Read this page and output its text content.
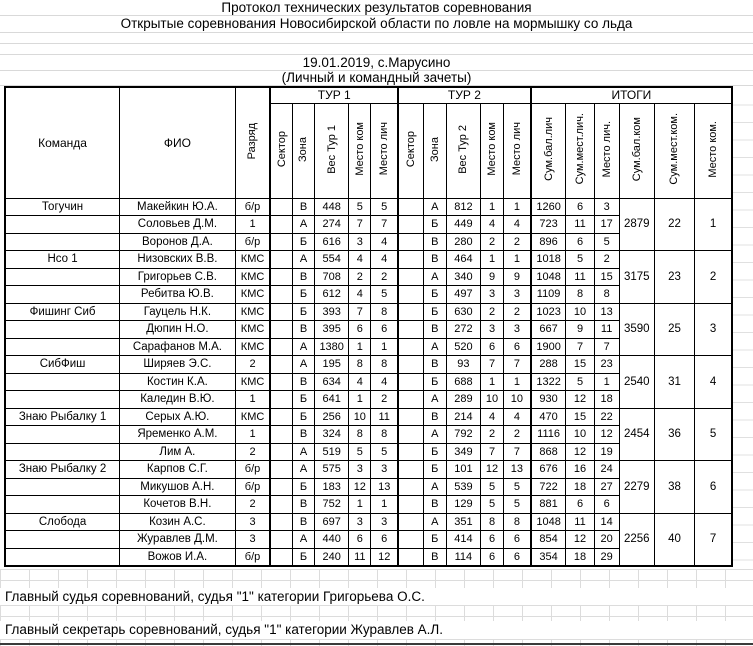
Протокол технических результатов соревнования
Открытые соревнования Новосибирской области по ловле на мормышку со льда
19.01.2019, с.Марусино
(Личный и командный зачеты)
Команда	ФИО	Разряд	ТУР 1					ТУР 2					ИТОГИ					
			Сектор	Зона	Вес Тур 1	Место ком	Место лич	Сектор	Зона	Вес Тур 2	Место ком	Место лич	Сум.бал.лич	Сум.мест.лич.	Место лич.	Сум.бал.ком	Сум.мест.ком.	Место ком.
Тогучин	Макейкин Ю.А.	б/р		В	448	5	5		А	812	1	1	1260	6	3	2879	22	1
	Соловьев Д.М.	1		А	274	7	7		Б	449	4	4	723	11	17			
	Воронов Д.А.	б/р		Б	616	3	4		В	280	2	2	896	6	5			
Нсо 1	Низовских В.В.	КМС		А	554	4	4		В	464	1	1	1018	5	2	3175	23	2
	Григорьев С.В.	КМС		В	708	2	2		А	340	9	9	1048	11	15			
	Ребитва Ю.В.	КМС		Б	612	4	5		Б	497	3	3	1109	8	8			
Фишинг Сиб	Гауцель Н.К.	КМС		Б	393	7	8		Б	630	2	2	1023	10	13	3590	25	3
	Дюпин Н.О.	КМС		В	395	6	6		В	272	3	3	667	9	11			
	Сарафанов М.А.	КМС		А	1380	1	1		А	520	6	6	1900	7	7			
СибФиш	Ширяев Э.С.	2		А	195	8	8		В	93	7	7	288	15	23	2540	31	4
	Костин К.А.	КМС		В	634	4	4		Б	688	1	1	1322	5	1			
	Каледин В.Ю.	1		Б	641	1	2		А	289	10	10	930	12	18			
Знаю Рыбалку 1	Серых А.Ю.	КМС		Б	256	10	11		В	214	4	4	470	15	22	2454	36	5
	Яременко А.М.	1		В	324	8	8		А	792	2	2	1116	10	12			
	Лим А.	2		А	519	5	5		Б	349	7	7	868	12	19			
Знаю Рыбалку 2	Карпов С.Г.	б/р		А	575	3	3		Б	101	12	13	676	16	24	2279	38	6
	Микушов А.Н.	б/р		Б	183	12	13		А	539	5	5	722	18	27			
	Кочетов В.Н.	2		В	752	1	1		В	129	5	5	881	6	6			
Слобода	Козин А.С.	3		В	697	3	3		А	351	8	8	1048	11	14	2256	40	7
	Журавлев Д.М.	3		А	440	6	6		Б	414	6	6	854	12	20			
	Вожов И.А.	б/р		Б	240	11	12		В	114	6	6	354	18	29			
Главный судья соревнований, судья "1" категории Григорьева О.С.
Главный секретарь соревнований, судья "1" категории Журавлев А.Л.
